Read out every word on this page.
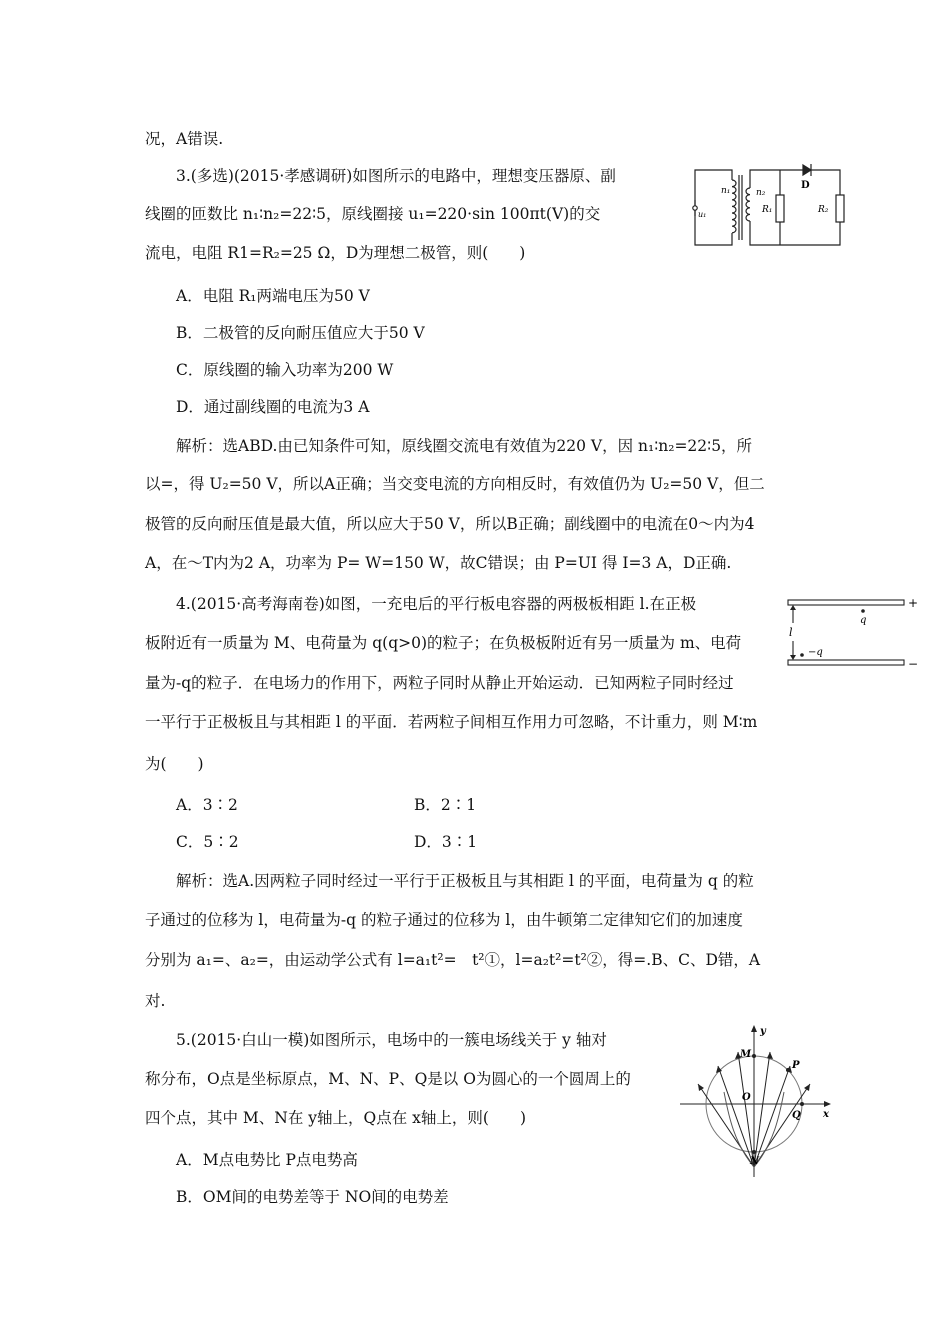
况，A错误.
3.(多选)(2015·孝感调研)如图所示的电路中，理想变压器原、副
线圈的匝数比 n₁∶n₂=22∶5，原线圈接 u₁=220·sin 100πt(V)的交
流电，电阻 R1=R₂=25 Ω，D为理想二极管，则(　　)
A．电阻 R₁两端电压为50 V
B．二极管的反向耐压值应大于50 V
C．原线圈的输入功率为200 W
D．通过副线圈的电流为3 A
解析：选ABD.由已知条件可知，原线圈交流电有效值为220 V，因 n₁∶n₂=22∶5，所
以=，得 U₂=50 V，所以A正确；当交变电流的方向相反时，有效值仍为 U₂=50 V，但二
极管的反向耐压值是最大值，所以应大于50 V，所以B正确；副线圈中的电流在0～内为4
A，在～T内为2 A，功率为 P= W=150 W，故C错误；由 P=UI 得 I=3 A，D正确.
4.(2015·高考海南卷)如图，一充电后的平行板电容器的两极板相距 l.在正极
板附近有一质量为 M、电荷量为 q(q>0)的粒子；在负极板附近有另一质量为 m、电荷
量为-q的粒子．在电场力的作用下，两粒子同时从静止开始运动．已知两粒子同时经过
一平行于正极板且与其相距 l 的平面．若两粒子间相互作用力可忽略，不计重力，则 M∶m
为(　　)
A．3∶2	B．2∶1
C．5∶2	D．3∶1
解析：选A.因两粒子同时经过一平行于正极板且与其相距 l 的平面，电荷量为 q 的粒
子通过的位移为 l，电荷量为-q 的粒子通过的位移为 l，由牛顿第二定律知它们的加速度
分别为 a₁=、a₂=，由运动学公式有 l=a₁t²=　t²①，l=a₂t²=t²②，得=.B、C、D错，A
对.
5.(2015·白山一模)如图所示，电场中的一簇电场线关于 y 轴对
称分布，O点是坐标原点，M、N、P、Q是以 O为圆心的一个圆周上的
四个点，其中 M、N在 y轴上，Q点在 x轴上，则(　　)
A．M点电势比 P点电势高
B．OM间的电势差等于 NO间的电势差
n₁	n₂
u₁	R₁	R₂
D
+
−
q
−q
l
y
x
M
O
P
Q
N
